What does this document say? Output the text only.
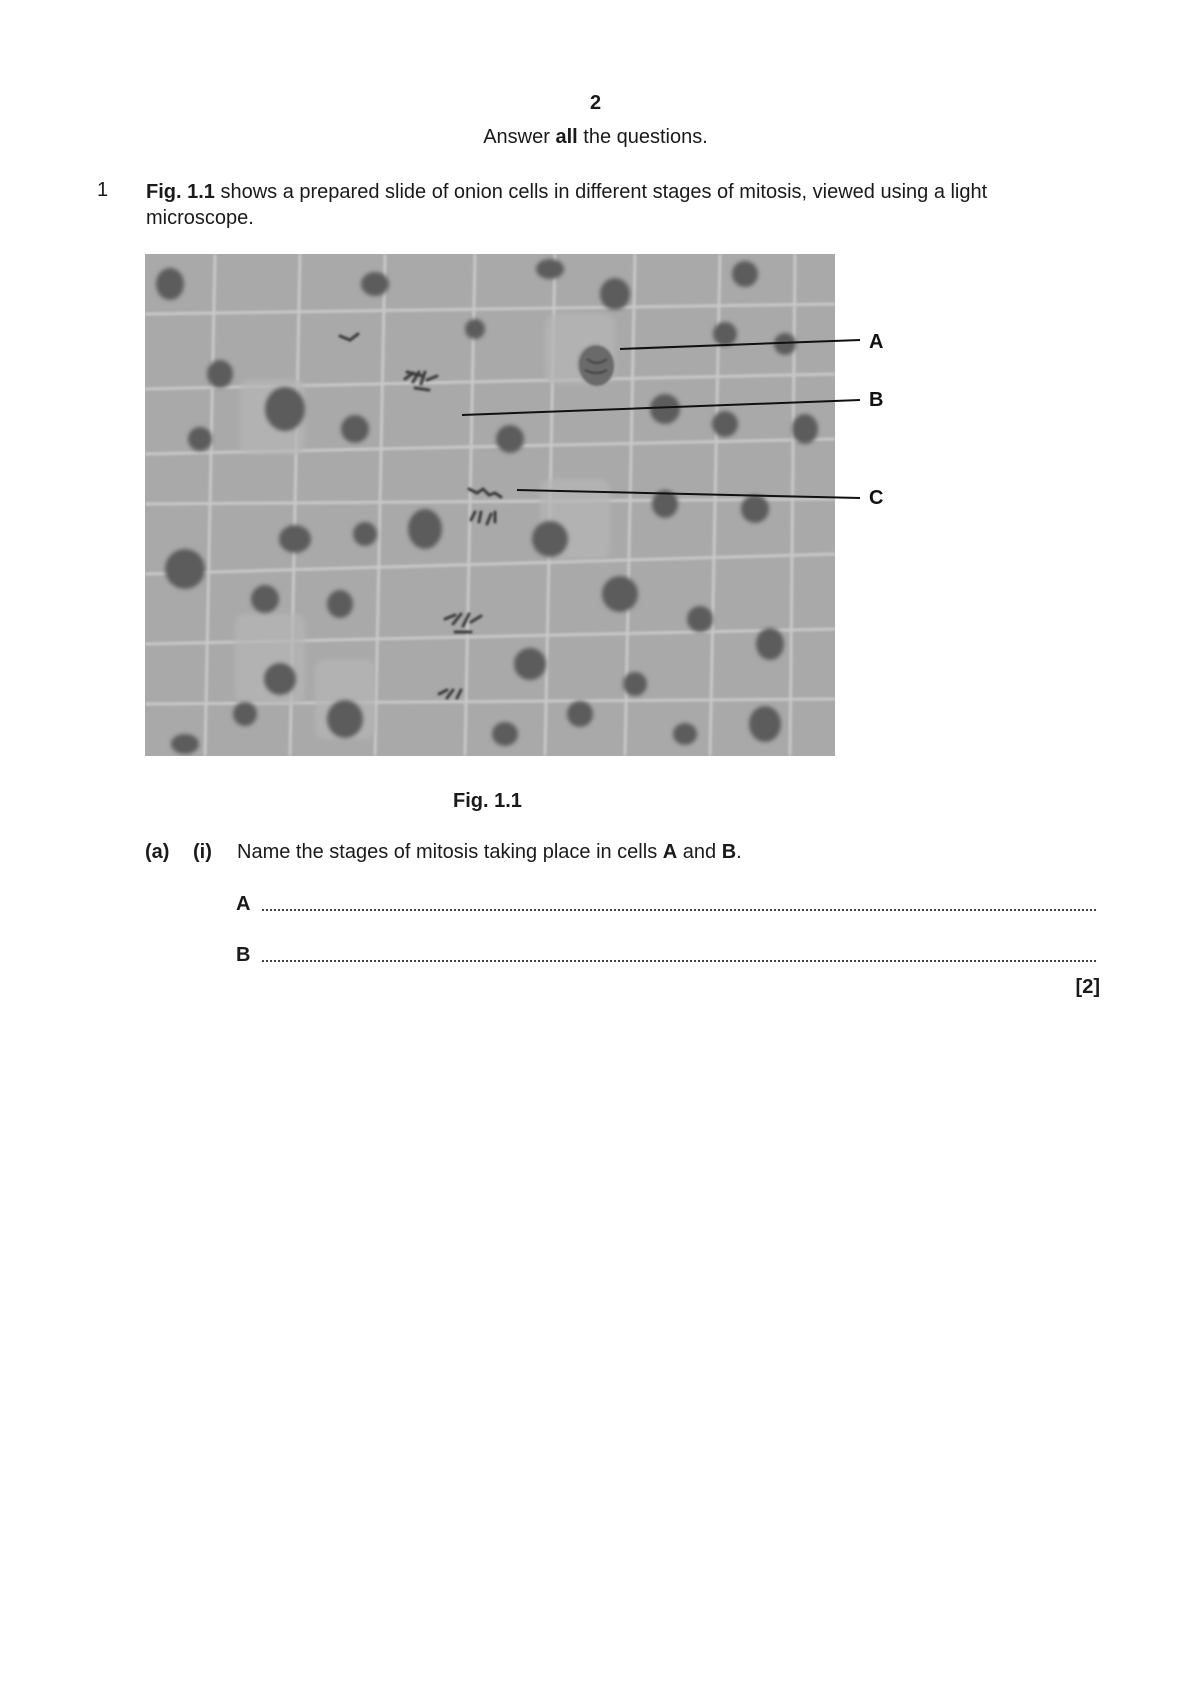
2
Answer all the questions.
1 Fig. 1.1 shows a prepared slide of onion cells in different stages of mitosis, viewed using a light microscope.
A
B
C
Fig. 1.1
(a) (i) Name the stages of mitosis taking place in cells A and B.
A
B
[2]
